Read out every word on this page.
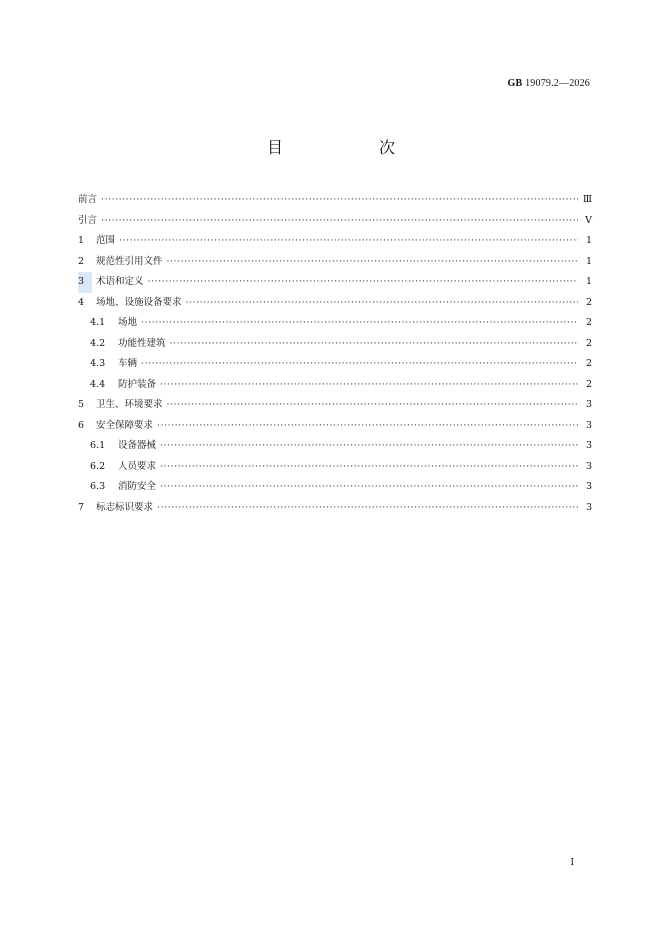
GB 19079.2—2026
目　次
前言 ·····	Ⅲ
引言 ·····	Ⅴ
1	范围 ·····	1
2	规范性引用文件 ·····	1
3	术语和定义 ·····	1
4	场地、设施设备要求 ·····	2
4.1	场地 ·····	2
4.2	功能性建筑 ·····	2
4.3	车辆 ·····	2
4.4	防护装备 ·····	2
5	卫生、环境要求 ·····	3
6	安全保障要求 ·····	3
6.1	设备器械 ·····	3
6.2	人员要求 ·····	3
6.3	消防安全 ·····	3
7	标志标识要求 ·····	3
I
